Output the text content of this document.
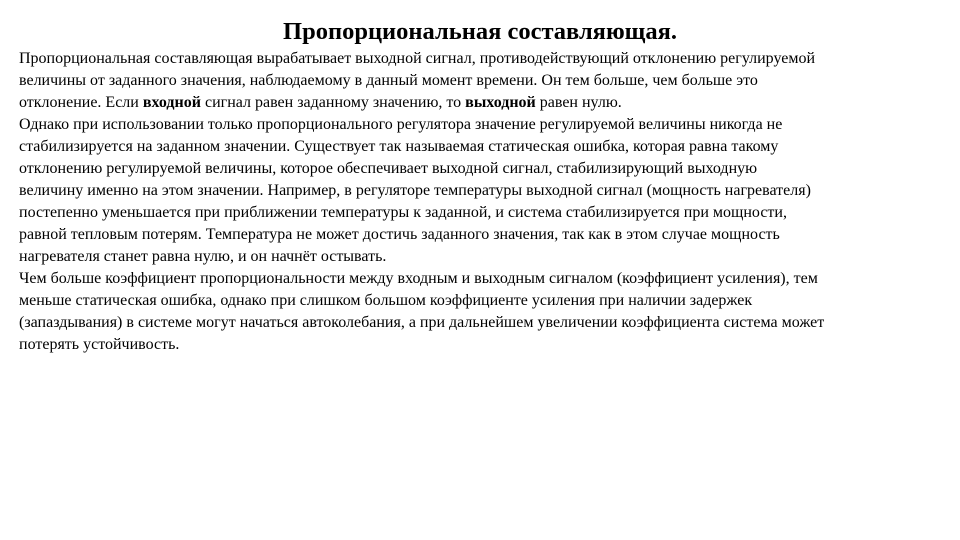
Пропорциональная составляющая.
Пропорциональная составляющая вырабатывает выходной сигнал, противодействующий отклонению регулируемой
величины от заданного значения, наблюдаемому в данный момент времени. Он тем больше, чем больше это
отклонение. Если входной сигнал равен заданному значению, то выходной равен нулю.
Однако при использовании только пропорционального регулятора значение регулируемой величины никогда не
стабилизируется на заданном значении. Существует так называемая статическая ошибка, которая равна такому
отклонению регулируемой величины, которое обеспечивает выходной сигнал, стабилизирующий выходную
величину именно на этом значении. Например, в регуляторе температуры выходной сигнал (мощность нагревателя)
постепенно уменьшается при приближении температуры к заданной, и система стабилизируется при мощности,
равной тепловым потерям. Температура не может достичь заданного значения, так как в этом случае мощность
нагревателя станет равна нулю, и он начнёт остывать.
Чем больше коэффициент пропорциональности между входным и выходным сигналом (коэффициент усиления), тем
меньше статическая ошибка, однако при слишком большом коэффициенте усиления при наличии задержек
(запаздывания) в системе могут начаться автоколебания, а при дальнейшем увеличении коэффициента система может
потерять устойчивость.
